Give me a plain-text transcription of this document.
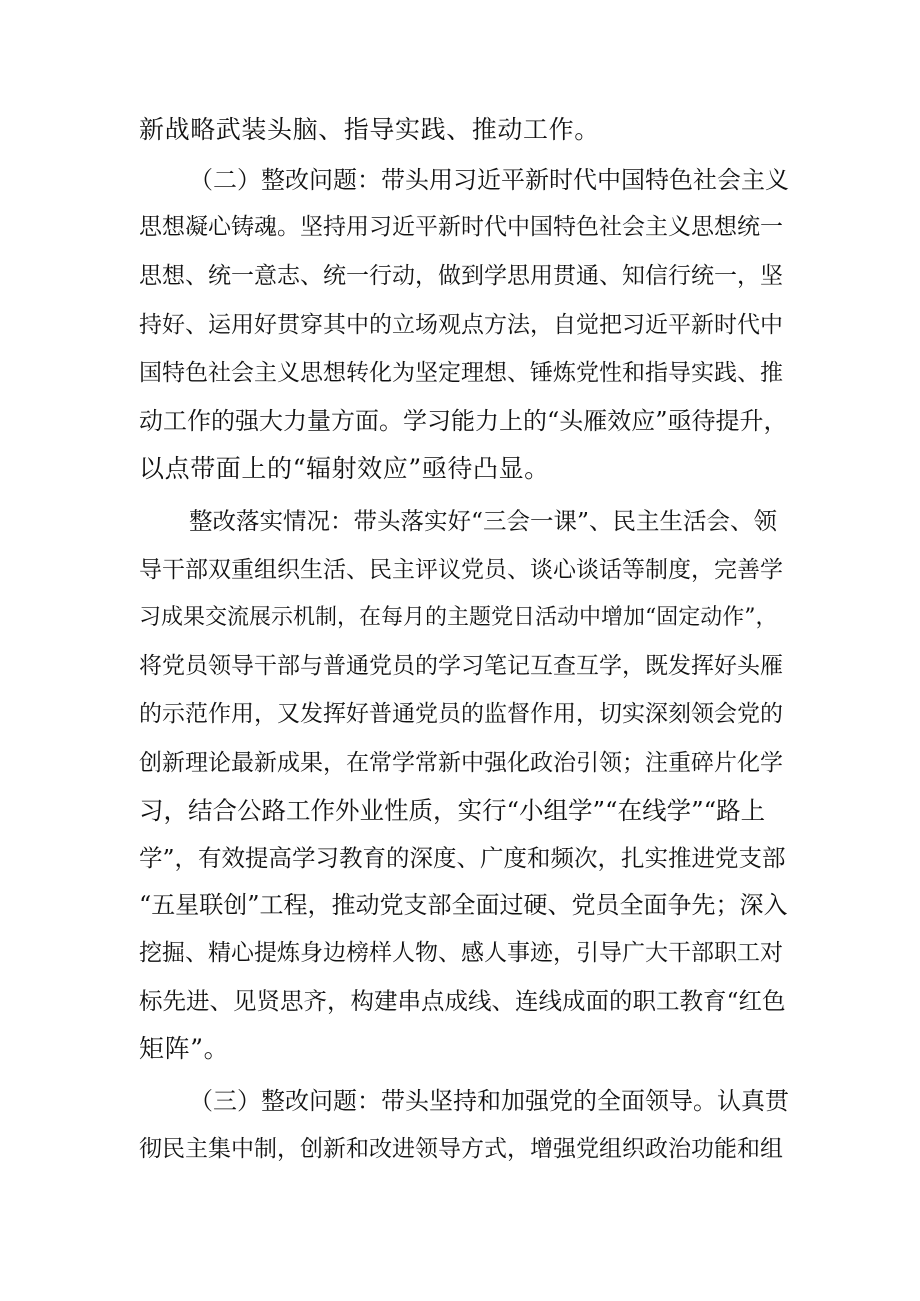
新战略武装头脑、指导实践、推动工作。
（二）整改问题：带头用习近平新时代中国特色社会主义
思想凝心铸魂。坚持用习近平新时代中国特色社会主义思想统一
思想、统一意志、统一行动，做到学思用贯通、知信行统一，坚
持好、运用好贯穿其中的立场观点方法，自觉把习近平新时代中
国特色社会主义思想转化为坚定理想、锤炼党性和指导实践、推
动工作的强大力量方面。学习能力上的“头雁效应”亟待提升，
以点带面上的“辐射效应”亟待凸显。
整改落实情况：带头落实好“三会一课”、民主生活会、领
导干部双重组织生活、民主评议党员、谈心谈话等制度，完善学
习成果交流展示机制，在每月的主题党日活动中增加“固定动作”，
将党员领导干部与普通党员的学习笔记互查互学，既发挥好头雁
的示范作用，又发挥好普通党员的监督作用，切实深刻领会党的
创新理论最新成果，在常学常新中强化政治引领；注重碎片化学
习，结合公路工作外业性质，实行“小组学”“在线学”“路上
学”，有效提高学习教育的深度、广度和频次，扎实推进党支部
“五星联创”工程，推动党支部全面过硬、党员全面争先；深入
挖掘、精心提炼身边榜样人物、感人事迹，引导广大干部职工对
标先进、见贤思齐，构建串点成线、连线成面的职工教育“红色
矩阵”。
（三）整改问题：带头坚持和加强党的全面领导。认真贯
彻民主集中制，创新和改进领导方式，增强党组织政治功能和组
